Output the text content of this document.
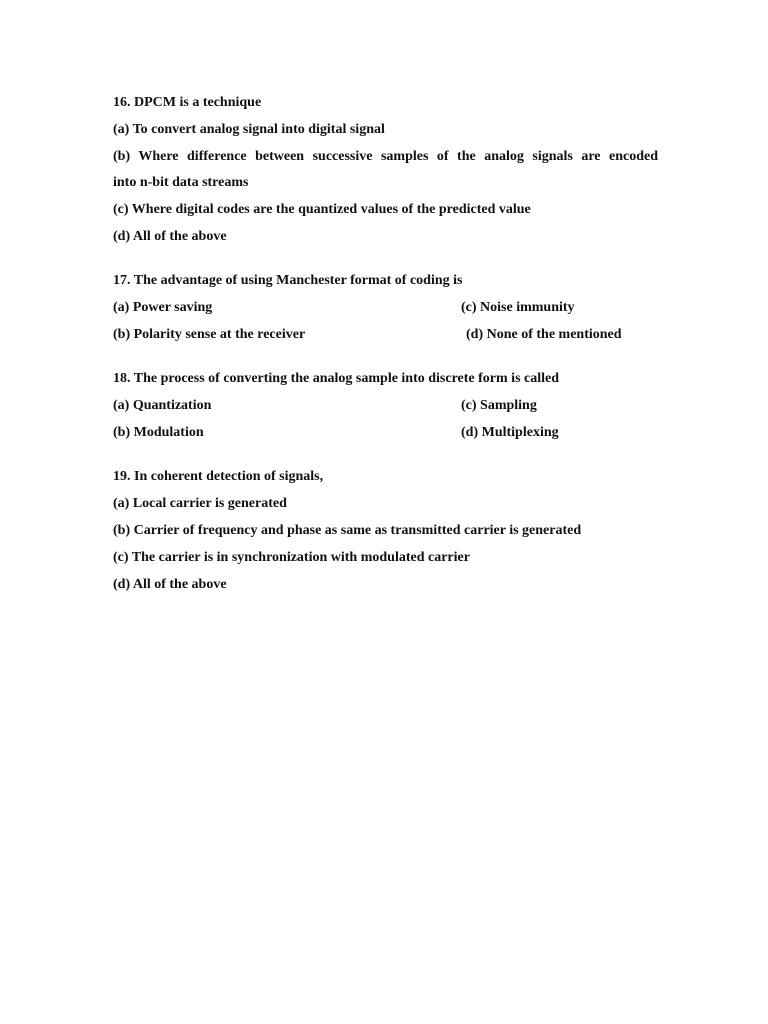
16. DPCM is a technique
(a) To convert analog signal into digital signal
(b) Where difference between successive samples of the analog signals are encoded
into n-bit data streams
(c) Where digital codes are the quantized values of the predicted value
(d) All of the above
17. The advantage of using Manchester format of coding is
(a) Power saving	(c) Noise immunity
(b) Polarity sense at the receiver	(d) None of the mentioned
18. The process of converting the analog sample into discrete form is called
(a) Quantization	(c) Sampling
(b) Modulation	(d) Multiplexing
19. In coherent detection of signals,
(a) Local carrier is generated
(b) Carrier of frequency and phase as same as transmitted carrier is generated
(c) The carrier is in synchronization with modulated carrier
(d) All of the above
